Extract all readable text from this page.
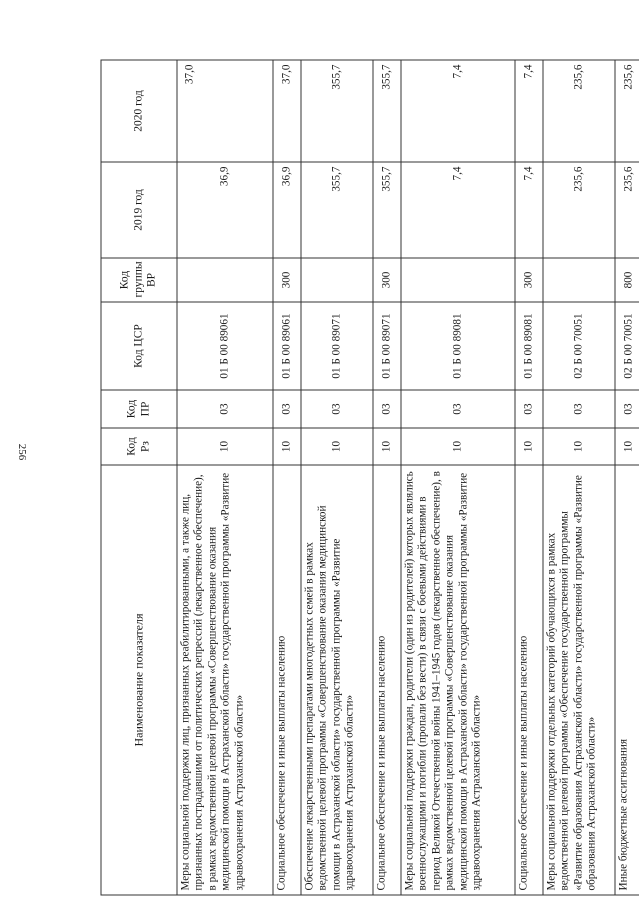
256
Наименование показателя	Код Рз	Код ПР	Код ЦСР	Код группы ВР	2019 год	2020 год
Меры социальной поддержки лиц, признанных реабилитированными, а также лиц, признанных пострадавшими от политических репрессий (лекарственное обеспечение), в рамках ведомственной целевой программы «Совершенствование оказания медицинской помощи в Астраханской области» государственной программы «Развитие здравоохранения Астраханской области»	10	03	01 Б 00 89061		36,9	37,0
Социальное обеспечение и иные выплаты населению	10	03	01 Б 00 89061	300	36,9	37,0
Обеспечение лекарственными препаратами многодетных семей в рамках ведомственной целевой программы «Совершенствование оказания медицинской помощи в Астраханской области» государственной программы «Развитие здравоохранения Астраханской области»	10	03	01 Б 00 89071		355,7	355,7
Социальное обеспечение и иные выплаты населению	10	03	01 Б 00 89071	300	355,7	355,7
Меры социальной поддержки граждан, родители (один из родителей) которых являлись военнослужащими и погибли (пропали без вести) в связи с боевыми действиями в период Великой Отечественной войны 1941–1945 годов (лекарственное обеспечение), в рамках ведомственной целевой программы «Совершенствование оказания медицинской помощи в Астраханской области» государственной программы «Развитие здравоохранения Астраханской области»	10	03	01 Б 00 89081		7,4	7,4
Социальное обеспечение и иные выплаты населению	10	03	01 Б 00 89081	300	7,4	7,4
Меры социальной поддержки отдельных категорий обучающихся в рамках ведомственной целевой программы «Обеспечение государственной программы «Развитие образования Астраханской области» государственной программы «Развитие образования Астраханской области»	10	03	02 Б 00 70051		235,6	235,6
Иные бюджетные ассигнования	10	03	02 Б 00 70051	800	235,6	235,6
